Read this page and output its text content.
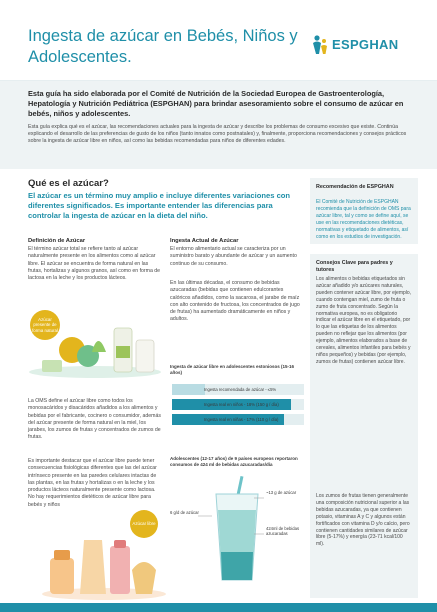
Ingesta de azúcar en Bebés, Niños y Adolescentes.
ESPGHAN

Esta guía ha sido elaborada por el Comité de Nutrición de la Sociedad Europea de Gastroenterología, Hepatología y Nutrición Pediátrica (ESPGHAN) para brindar asesoramiento sobre el consumo de azúcar en bebés, niños y adolescentes.

Esta guía explica qué es el azúcar, las recomendaciones actuales para la ingesta de azúcar y describe los problemas de consumo excesivo que existe. Continúa explicando el desarrollo de las preferencias de gusto de los niños (tanto innatos como postnatales) y, finalmente, proporciona recomendaciones y consejos prácticos sobre la ingesta de azúcar libre en niños, así como las bebidas recomendadas para niños de diferentes edades.

Qué es el azúcar?

El azúcar es un término muy amplio e incluye diferentes variaciones con diferentes significados. Es importante entender las diferencias para controlar la ingesta de azúcar en la dieta del niño.

Definición de Azúcar

El término azúcar total se refiere tanto al azúcar naturalmente presente en los alimentos como al azúcar libre. El azúcar se encuentra de forma natural en las frutas, hortalizas y algunos granos, así como en forma de lactosa en la leche y los productos lácteos.

Azúcar presente de forma natural

La OMS define el azúcar libre como todos los monosacáridos y disacáridos añadidos a los alimentos y bebidas por el fabricante, cocinero o consumidor, además del azúcar presente de forma natural en la miel, los jarabes, los zumos de frutas y concentrados de zumos de frutas.

Es importante destacar que el azúcar libre puede tener consecuencias fisiológicas diferentes que las del azúcar intrínseco presente en las paredes celulares intactas de las plantas, en las frutas y hortalizas o en la leche y los productos lácteos naturalmente presente como lactosa. No hay requerimientos dietéticos de azúcar libre para bebés y niños

Azúcar libre
Ingesta Actual de Azúcar

El entorno alimentario actual se caracteriza por un suministro barato y abundante de azúcar y un aumento continuo de su consumo.

En las últimas décadas, el consumo de bebidas azucaradas (bebidas que contienen edulcorantes calóricos añadidos, como la sacarosa, el jarabe de maíz con alto contenido de fructosa, los concentrados de jugo de frutas) ha aumentado dramáticamente en niños y adultos.

Ingesta de azúcar libre en adolescentes estoniosos (15-16 años)

Ingesta recomendada de azúcar - ≤5%
Ingesta real en niños - 18% (150 g / día)
Ingesta real en niñas - 17% (110 g / día)

Adolescentes (12-17 años) de 9 países europeos reportaron consumos de 424 ml de bebidas azucaradas/día

6 g/d de azúcar
~13 g de azúcar
424ml de bebidas azucaradas
Recomendación de ESPGHAN

El Comité de Nutrición de ESPGHAN recomienda que la definición de OMS para azúcar libre, tal y como se define aquí, se use en las recomendaciones dietéticas, normativas y etiquetado de alimentos, así como en los estudios de investigación.

Consejos Clave para padres y tutores

Los alimentos o bebidas etiquetados sin azúcar añadido y/o azúcares naturales, pueden contener azúcar libre, por ejemplo, cuando contengan miel, zumo de fruta o zumo de fruta concentrado. Según la normativa europea, no es obligatorio indicar el azúcar libre en el etiquetado, por lo que las etiquetas de los alimentos pueden no reflejar que los alimentos (por ejemplo, alimentos elaborados a base de cereales, alimentos infantiles para bebés y niños pequeños) y bebidas (por ejemplo, zumos de frutas) contienen azúcar libre.

Los zumos de frutas tienen generalmente una composición nutricional superior a las bebidas azucaradas, ya que contienen potasio, vitaminas A y C y algunos están fortificados con vitamina D y/o calcio, pero contienen cantidades similares de azúcar libre (5-17%) y energía (23-71 kcal/100 ml).
